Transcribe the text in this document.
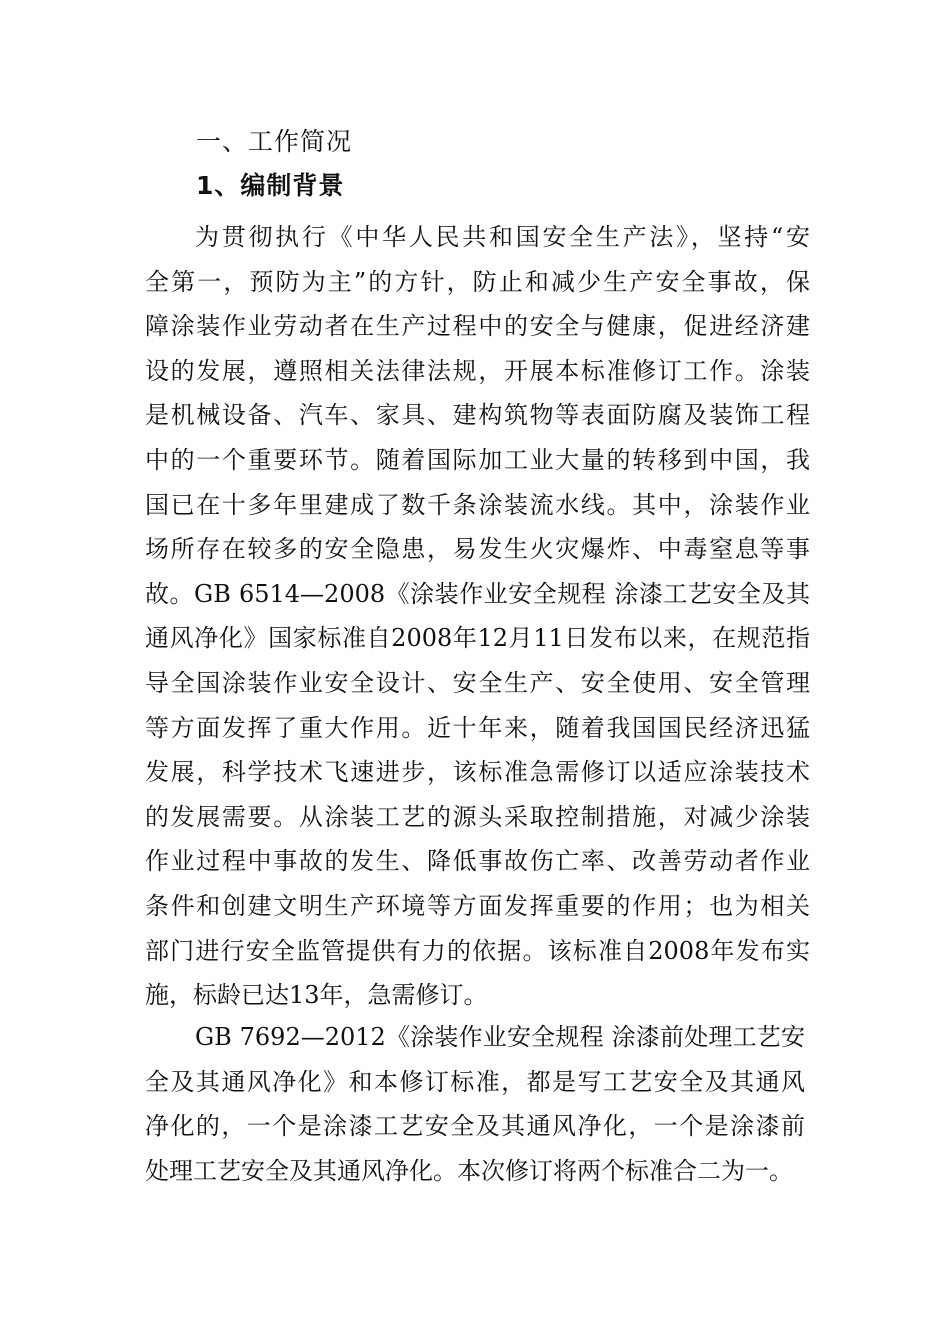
一、工作简况
1、编制背景
为贯彻执行《中华人民共和国安全生产法》，坚持“安
全第一，预防为主”的方针，防止和减少生产安全事故，保
障涂装作业劳动者在生产过程中的安全与健康，促进经济建
设的发展，遵照相关法律法规，开展本标准修订工作。涂装
是机械设备、汽车、家具、建构筑物等表面防腐及装饰工程
中的一个重要环节。随着国际加工业大量的转移到中国，我
国已在十多年里建成了数千条涂装流水线。其中，涂装作业
场所存在较多的安全隐患，易发生火灾爆炸、中毒窒息等事
故。GB 6514—2008《涂装作业安全规程 涂漆工艺安全及其
通风净化》国家标准自2008年12月11日发布以来，在规范指
导全国涂装作业安全设计、安全生产、安全使用、安全管理
等方面发挥了重大作用。近十年来，随着我国国民经济迅猛
发展，科学技术飞速进步，该标准急需修订以适应涂装技术
的发展需要。从涂装工艺的源头采取控制措施，对减少涂装
作业过程中事故的发生、降低事故伤亡率、改善劳动者作业
条件和创建文明生产环境等方面发挥重要的作用；也为相关
部门进行安全监管提供有力的依据。该标准自2008年发布实
施，标龄已达13年，急需修订。
GB 7692—2012《涂装作业安全规程 涂漆前处理工艺安
全及其通风净化》和本修订标准，都是写工艺安全及其通风
净化的，一个是涂漆工艺安全及其通风净化，一个是涂漆前
处理工艺安全及其通风净化。本次修订将两个标准合二为一。
